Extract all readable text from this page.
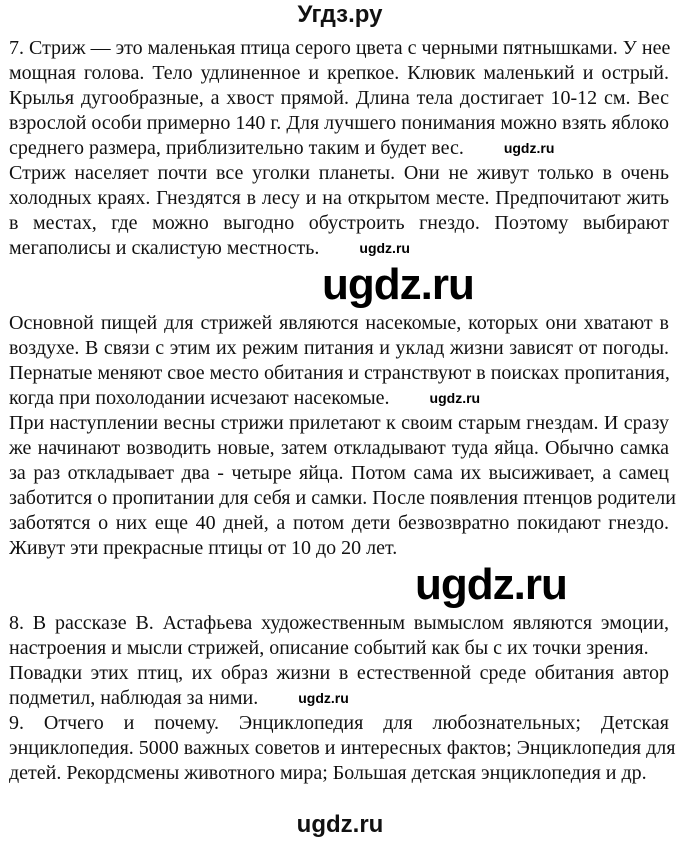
Угдз.ру
7. Стриж — это маленькая птица серого цвета с черными пятнышками. У нее
мощная голова. Тело удлиненное и крепкое. Клювик маленький и острый.
Крылья дугообразные, а хвост прямой. Длина тела достигает 10-12 см. Вес
взрослой особи примерно 140 г. Для лучшего понимания можно взять яблоко
среднего размера, приблизительно таким и будет вес.	ugdz.ru
Стриж населяет почти все уголки планеты. Они не живут только в очень
холодных краях. Гнездятся в лесу и на открытом месте. Предпочитают жить
в местах, где можно выгодно обустроить гнездо. Поэтому выбирают
мегаполисы и скалистую местность.	ugdz.ru
ugdz.ru
Основной пищей для стрижей являются насекомые, которых они хватают в
воздухе. В связи с этим их режим питания и уклад жизни зависят от погоды.
Пернатые меняют свое место обитания и странствуют в поисках пропитания,
когда при похолодании исчезают насекомые.	ugdz.ru
При наступлении весны стрижи прилетают к своим старым гнездам. И сразу
же начинают возводить новые, затем откладывают туда яйца. Обычно самка
за раз откладывает два - четыре яйца. Потом сама их высиживает, а самец
заботится о пропитании для себя и самки. После появления птенцов родители
заботятся о них еще 40 дней, а потом дети безвозвратно покидают гнездо.
Живут эти прекрасные птицы от 10 до 20 лет.
ugdz.ru
8. В рассказе В. Астафьева художественным вымыслом являются эмоции,
настроения и мысли стрижей, описание событий как бы с их точки зрения.
Повадки этих птиц, их образ жизни в естественной среде обитания автор
подметил, наблюдая за ними.	ugdz.ru
9. Отчего и почему. Энциклопедия для любознательных; Детская
энциклопедия. 5000 важных советов и интересных фактов; Энциклопедия для
детей. Рекордсмены животного мира; Большая детская энциклопедия и др.
ugdz.ru
